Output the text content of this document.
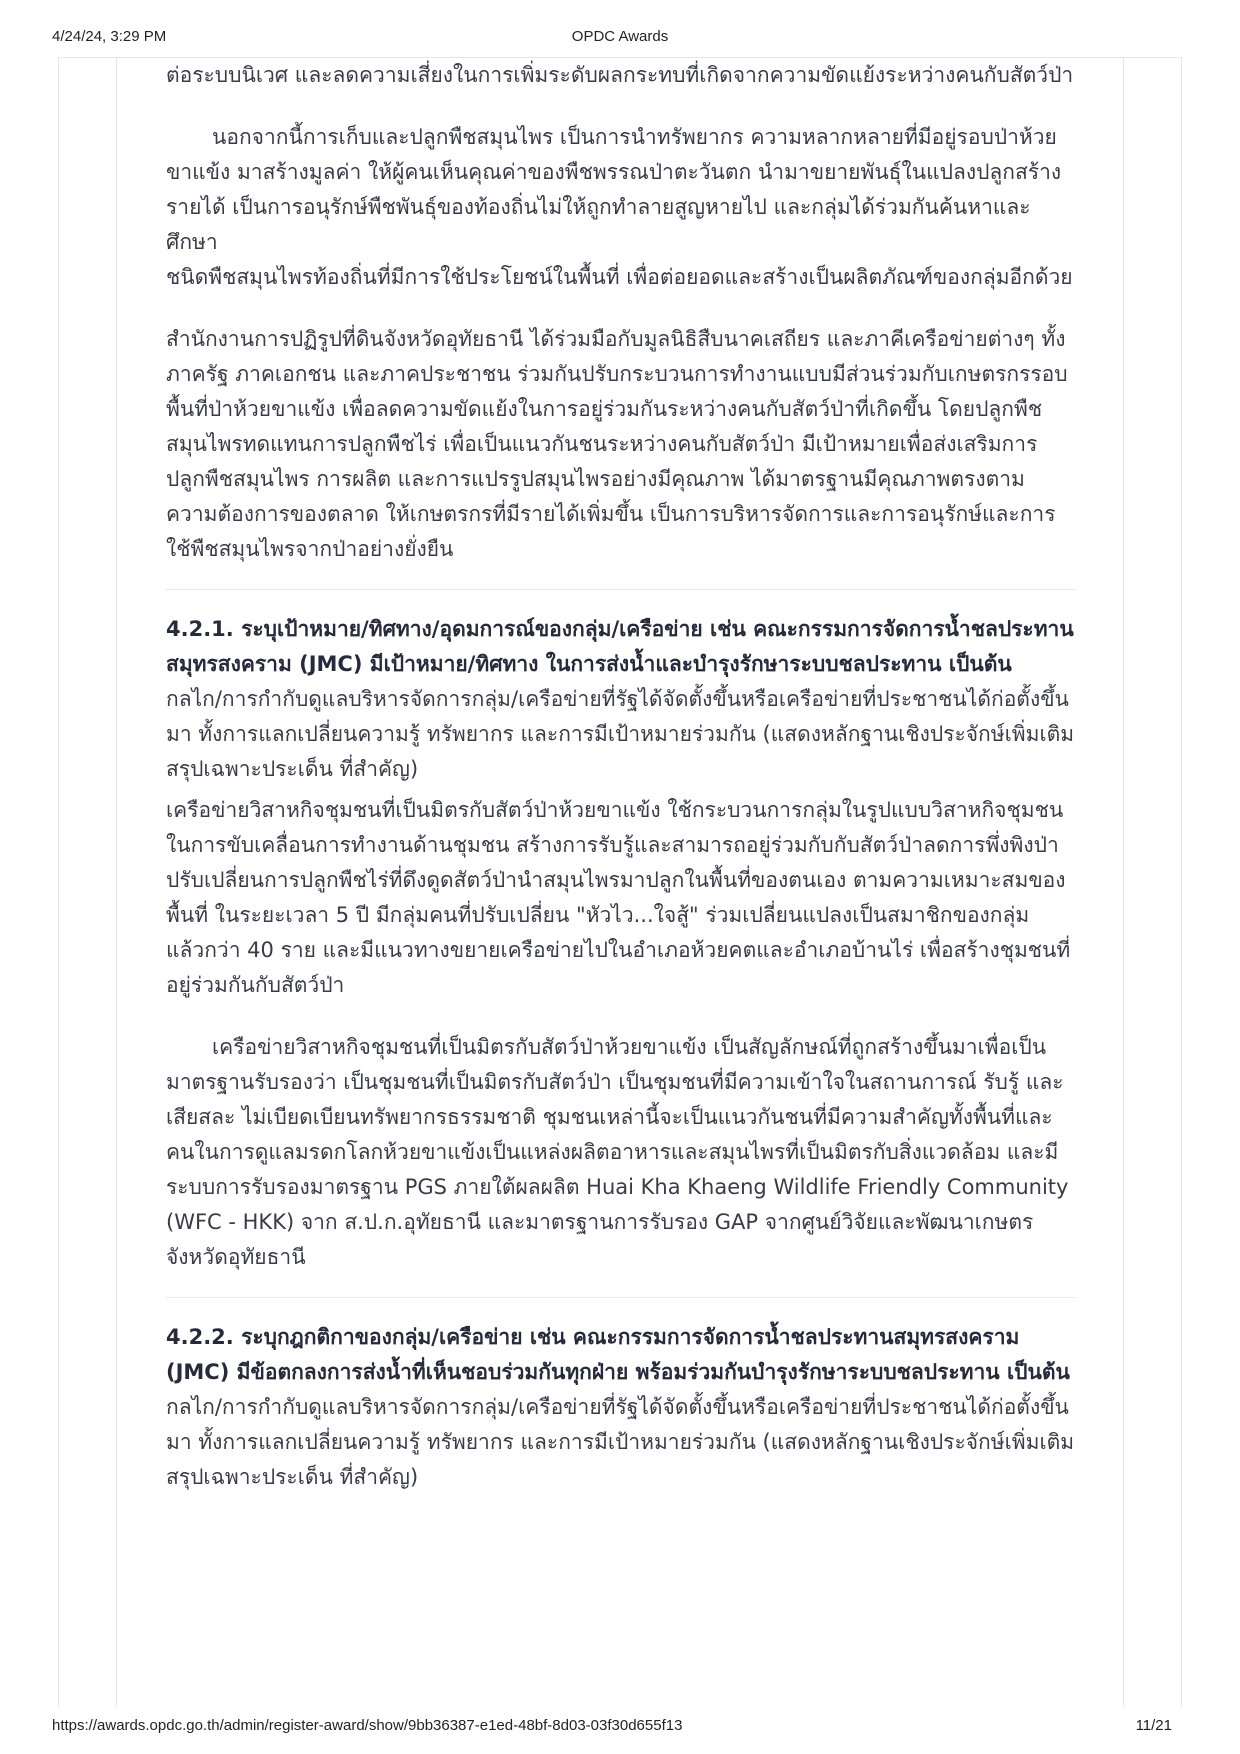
4/24/24, 3:29 PM	OPDC Awards

ต่อระบบนิเวศ และลดความเสี่ยงในการเพิ่มระดับผลกระทบที่เกิดจากความขัดแย้งระหว่างคนกับสัตว์ป่า

นอกจากนี้การเก็บและปลูกพืชสมุนไพร เป็นการนำทรัพยากร ความหลากหลายที่มีอยู่รอบป่าห้วยขาแข้ง มาสร้างมูลค่า ให้ผู้คนเห็นคุณค่าของพืชพรรณป่าตะวันตก นำมาขยายพันธุ์ในแปลงปลูกสร้างรายได้ เป็นการอนุรักษ์พืชพันธุ์ของท้องถิ่นไม่ให้ถูกทำลายสูญหายไป และกลุ่มได้ร่วมกันค้นหาและศึกษา

ชนิดพืชสมุนไพรท้องถิ่นที่มีการใช้ประโยชน์ในพื้นที่ เพื่อต่อยอดและสร้างเป็นผลิตภัณฑ์ของกลุ่มอีกด้วย

สำนักงานการปฏิรูปที่ดินจังหวัดอุทัยธานี ได้ร่วมมือกับมูลนิธิสืบนาคเสถียร และภาคีเครือข่ายต่างๆ ทั้งภาครัฐ ภาคเอกชน และภาคประชาชน ร่วมกันปรับกระบวนการทำงานแบบมีส่วนร่วมกับเกษตรกรรอบพื้นที่ป่าห้วยขาแข้ง เพื่อลดความขัดแย้งในการอยู่ร่วมกันระหว่างคนกับสัตว์ป่าที่เกิดขึ้น โดยปลูกพืชสมุนไพรทดแทนการปลูกพืชไร่ เพื่อเป็นแนวกันชนระหว่างคนกับสัตว์ป่า มีเป้าหมายเพื่อส่งเสริมการปลูกพืชสมุนไพร การผลิต และการแปรรูปสมุนไพรอย่างมีคุณภาพ ได้มาตรฐานมีคุณภาพตรงตามความต้องการของตลาด ให้เกษตรกรที่มีรายได้เพิ่มขึ้น เป็นการบริหารจัดการและการอนุรักษ์และการใช้พืชสมุนไพรจากป่าอย่างยั่งยืน

4.2.1. ระบุเป้าหมาย/ทิศทาง/อุดมการณ์ของกลุ่ม/เครือข่าย เช่น คณะกรรมการจัดการน้ำชลประทานสมุทรสงคราม (JMC) มีเป้าหมาย/ทิศทาง ในการส่งน้ำและบำรุงรักษาระบบชลประทาน เป็นต้น

กลไก/การกำกับดูแลบริหารจัดการกลุ่ม/เครือข่ายที่รัฐได้จัดตั้งขึ้นหรือเครือข่ายที่ประชาชนได้ก่อตั้งขึ้นมา ทั้งการแลกเปลี่ยนความรู้ ทรัพยากร และการมีเป้าหมายร่วมกัน (แสดงหลักฐานเชิงประจักษ์เพิ่มเติมสรุปเฉพาะประเด็น ที่สำคัญ)

เครือข่ายวิสาหกิจชุมชนที่เป็นมิตรกับสัตว์ป่าห้วยขาแข้ง ใช้กระบวนการกลุ่มในรูปแบบวิสาหกิจชุมชน ในการขับเคลื่อนการทำงานด้านชุมชน สร้างการรับรู้และสามารถอยู่ร่วมกับกับสัตว์ป่าลดการพึ่งพิงป่า ปรับเปลี่ยนการปลูกพืชไร่ที่ดึงดูดสัตว์ป่านำสมุนไพรมาปลูกในพื้นที่ของตนเอง ตามความเหมาะสมของพื้นที่ ในระยะเวลา 5 ปี มีกลุ่มคนที่ปรับเปลี่ยน "หัวไว...ใจสู้" ร่วมเปลี่ยนแปลงเป็นสมาชิกของกลุ่มแล้วกว่า 40 ราย และมีแนวทางขยายเครือข่ายไปในอำเภอห้วยคตและอำเภอบ้านไร่ เพื่อสร้างชุมชนที่อยู่ร่วมกันกับสัตว์ป่า

เครือข่ายวิสาหกิจชุมชนที่เป็นมิตรกับสัตว์ป่าห้วยขาแข้ง เป็นสัญลักษณ์ที่ถูกสร้างขึ้นมาเพื่อเป็นมาตรฐานรับรองว่า เป็นชุมชนที่เป็นมิตรกับสัตว์ป่า เป็นชุมชนที่มีความเข้าใจในสถานการณ์ รับรู้ และเสียสละ ไม่เบียดเบียนทรัพยากรธรรมชาติ ชุมชนเหล่านี้จะเป็นแนวกันชนที่มีความสำคัญทั้งพื้นที่และคนในการดูแลมรดกโลกห้วยขาแข้งเป็นแหล่งผลิตอาหารและสมุนไพรที่เป็นมิตรกับสิ่งแวดล้อม และมีระบบการรับรองมาตรฐาน PGS ภายใต้ผลผลิต Huai Kha Khaeng Wildlife Friendly Community (WFC - HKK) จาก ส.ป.ก.อุทัยธานี และมาตรฐานการรับรอง GAP จากศูนย์วิจัยและพัฒนาเกษตรจังหวัดอุทัยธานี

4.2.2. ระบุกฎกติกาของกลุ่ม/เครือข่าย เช่น คณะกรรมการจัดการน้ำชลประทานสมุทรสงคราม (JMC) มีข้อตกลงการส่งน้ำที่เห็นชอบร่วมกันทุกฝ่าย พร้อมร่วมกันบำรุงรักษาระบบชลประทาน เป็นต้น

กลไก/การกำกับดูแลบริหารจัดการกลุ่ม/เครือข่ายที่รัฐได้จัดตั้งขึ้นหรือเครือข่ายที่ประชาชนได้ก่อตั้งขึ้นมา ทั้งการแลกเปลี่ยนความรู้ ทรัพยากร และการมีเป้าหมายร่วมกัน (แสดงหลักฐานเชิงประจักษ์เพิ่มเติมสรุปเฉพาะประเด็น ที่สำคัญ)

https://awards.opdc.go.th/admin/register-award/show/9bb36387-e1ed-48bf-8d03-03f30d655f13	11/21
